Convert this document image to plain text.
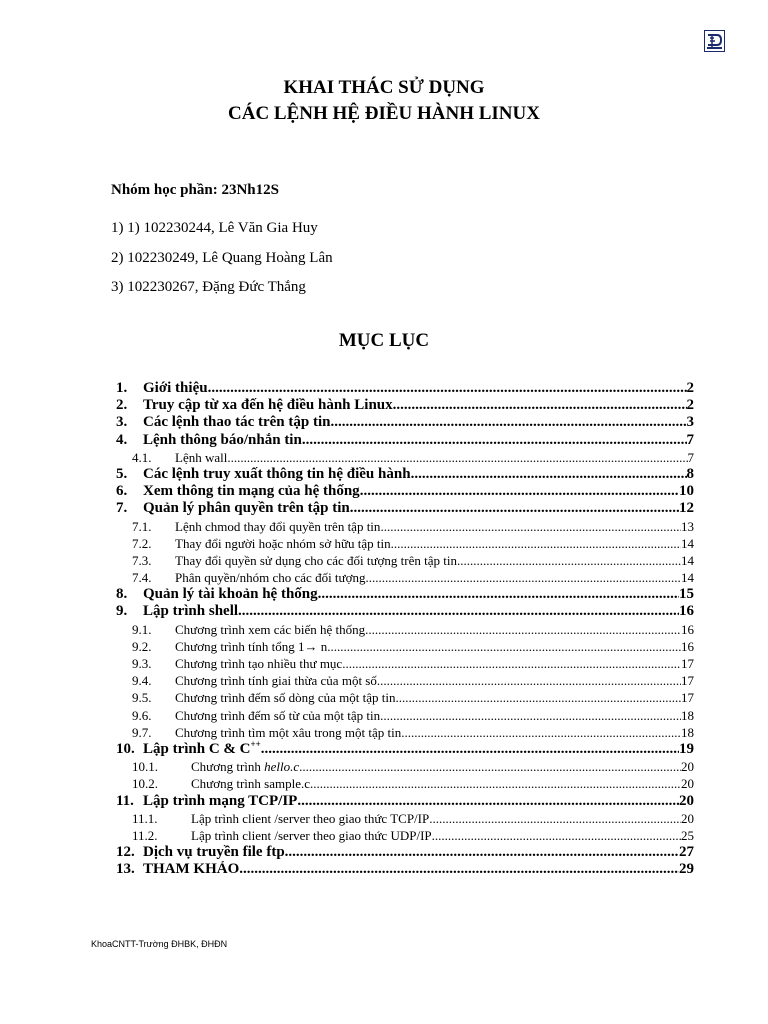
KHAI THÁC SỬ DỤNG
CÁC LỆNH HỆ ĐIỀU HÀNH LINUX
Nhóm học phần: 23Nh12S
1) 1) 102230244, Lê Văn Gia Huy
2) 102230249, Lê Quang Hoàng Lân
3) 102230267, Đặng Đức Thắng
MỤC LỤC
1.	Giới thiệu .....	2
2.	Truy cập từ xa đến hệ điều hành Linux .....	2
3.	Các lệnh thao tác trên tập tin .....	3
4.	Lệnh thông báo/nhắn tin .....	7
4.1.	Lệnh wall .....	7
5.	Các lệnh truy xuất thông tin hệ điều hành .....	8
6.	Xem thông tin mạng của hệ thống .....	10
7.	Quản lý phân quyền trên tập tin .....	12
7.1.	Lệnh chmod thay đổi quyền trên tập tin .....	13
7.2.	Thay đổi người hoặc nhóm sở hữu tập tin .....	14
7.3.	Thay đổi quyền sử dụng cho các đối tượng trên tập tin .....	14
7.4.	Phân quyền/nhóm cho các đối tượng .....	14
8.	Quản lý tài khoản hệ thống .....	15
9.	Lập trình shell .....	16
9.1.	Chương trình xem các biến hệ thống .....	16
9.2.	Chương trình tính tổng 1→ n .....	16
9.3.	Chương trình tạo nhiều thư mục .....	17
9.4.	Chương trình tính giai thừa của một số .....	17
9.5.	Chương trình đếm số dòng của một tập tin .....	17
9.6.	Chương trình đếm số từ của một tập tin .....	18
9.7.	Chương trình tìm một xâu trong một tập tin .....	18
10. Lập trình C & C++ .....	19
10.1.	Chương trình hello.c .....	20
10.2.	Chương trình sample.c .....	20
11. Lập trình mạng TCP/IP .....	20
11.1.	Lập trình client /server theo giao thức TCP/IP .....	20
11.2.	Lập trình client /server theo giao thức UDP/IP .....	25
12. Dịch vụ truyền file ftp .....	27
13. THAM KHẢO .....	29
KhoaCNTT-Trường ĐHBK, ĐHĐN
